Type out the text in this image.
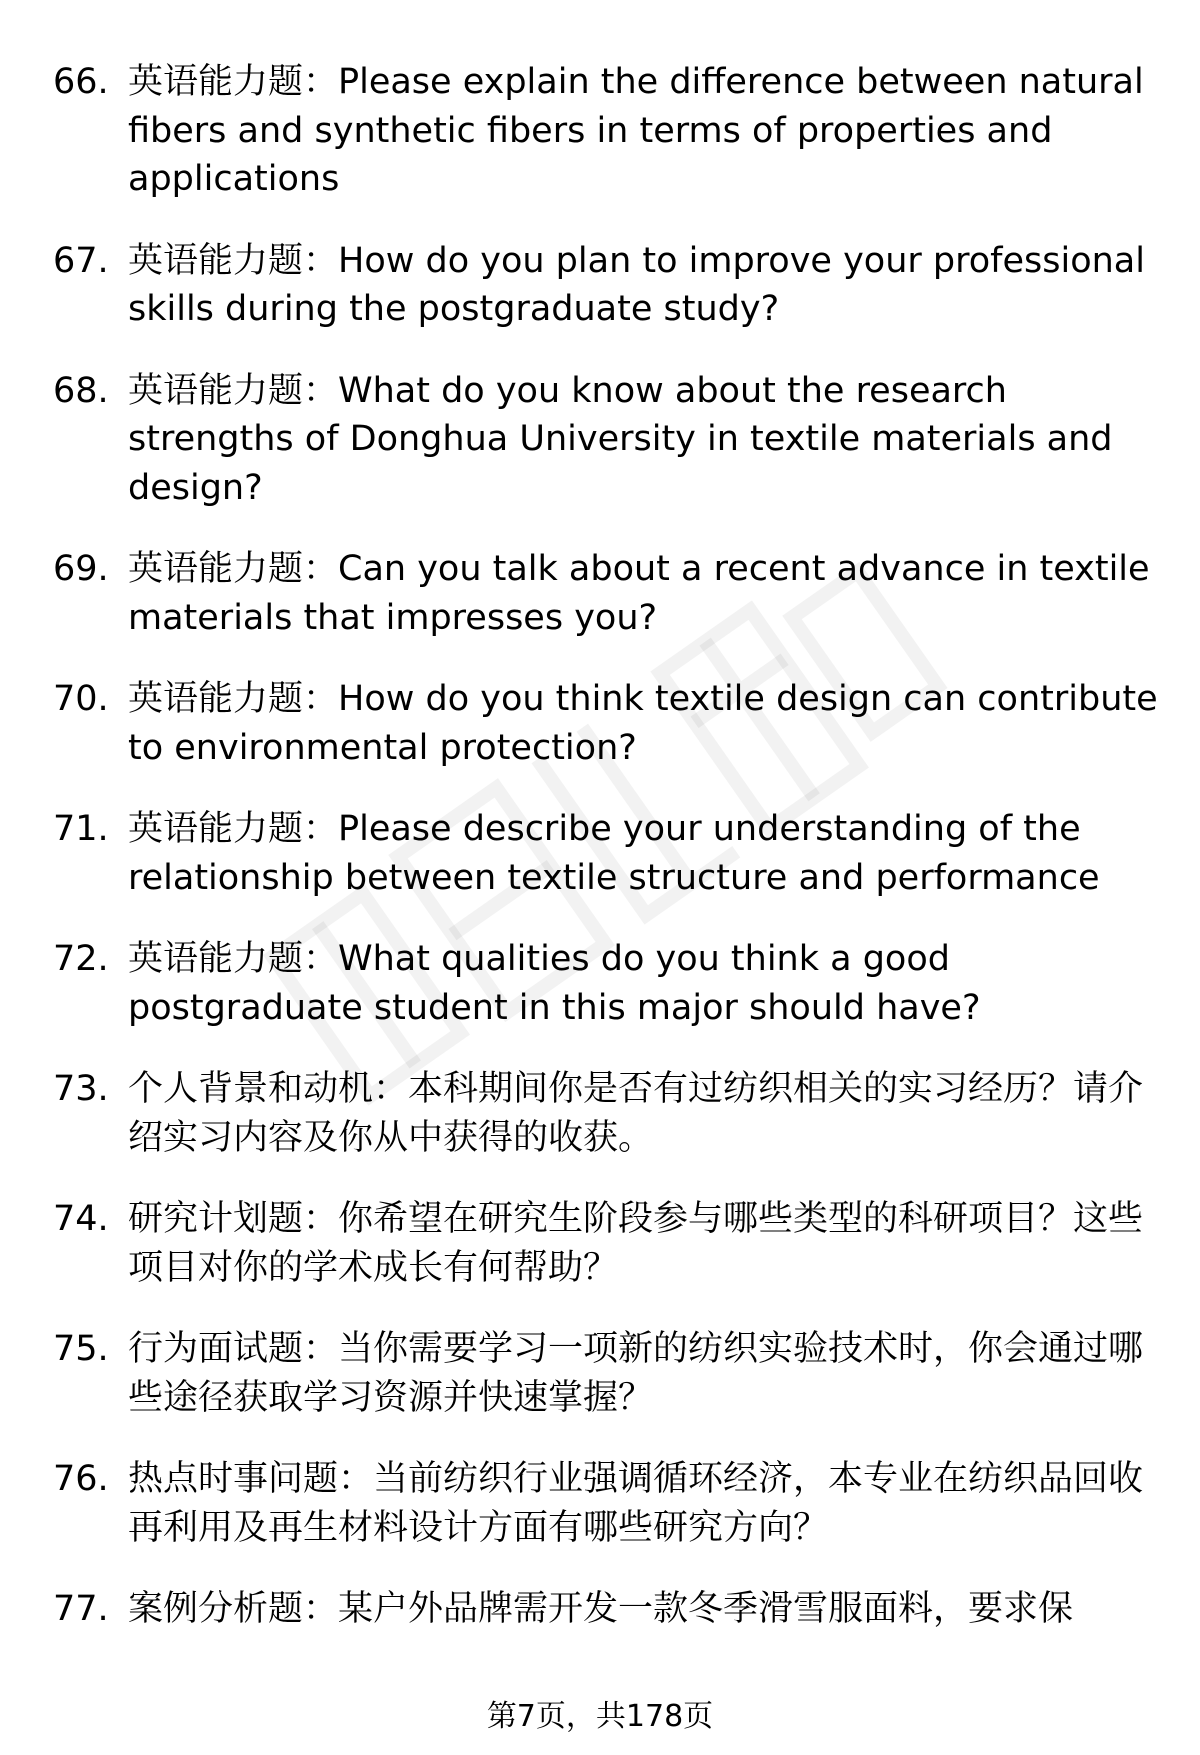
66. 英语能力题：Please explain the difference between natural fibers and synthetic fibers in terms of properties and applications
67. 英语能力题：How do you plan to improve your professional skills during the postgraduate study?
68. 英语能力题：What do you know about the research strengths of Donghua University in textile materials and design?
69. 英语能力题：Can you talk about a recent advance in textile materials that impresses you?
70. 英语能力题：How do you think textile design can contribute to environmental protection?
71. 英语能力题：Please describe your understanding of the relationship between textile structure and performance
72. 英语能力题：What qualities do you think a good postgraduate student in this major should have?
73. 个人背景和动机：本科期间你是否有过纺织相关的实习经历？请介绍实习内容及你从中获得的收获。
74. 研究计划题：你希望在研究生阶段参与哪些类型的科研项目？这些项目对你的学术成长有何帮助？
75. 行为面试题：当你需要学习一项新的纺织实验技术时，你会通过哪些途径获取学习资源并快速掌握？
76. 热点时事问题：当前纺织行业强调循环经济，本专业在纺织品回收再利用及再生材料设计方面有哪些研究方向？
77. 案例分析题：某户外品牌需开发一款冬季滑雪服面料，要求保
第7页，共178页
